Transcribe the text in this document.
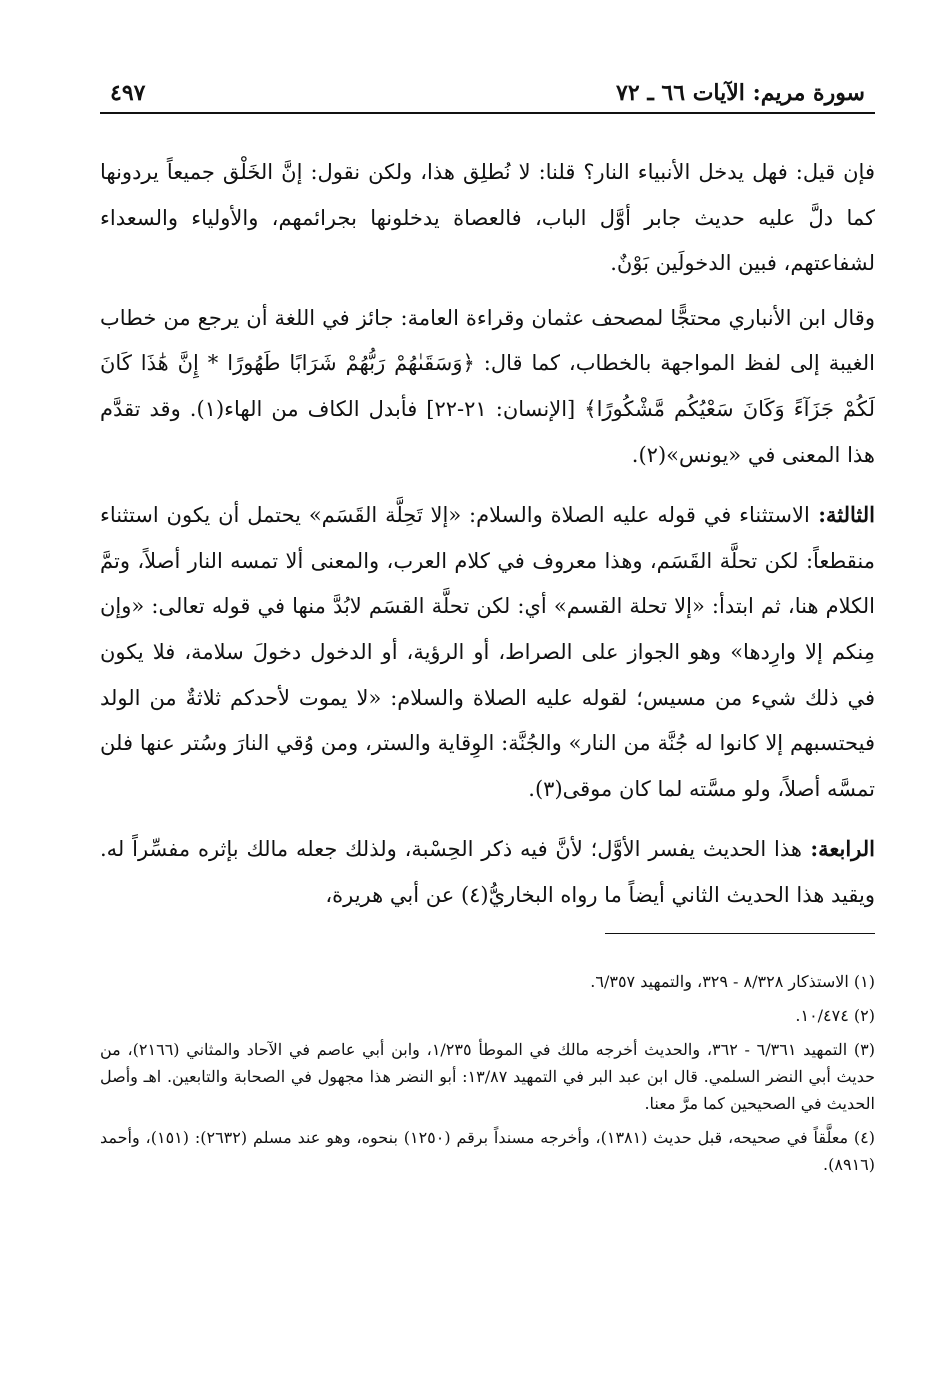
سورة مريم: الآيات ٦٦ ـ ٧٢
٤٩٧

فإن قيل: فهل يدخل الأنبياء النار؟ قلنا: لا نُطلِق هذا، ولكن نقول: إنَّ الخَلْق جميعاً يردونها كما دلَّ عليه حديث جابر أوَّل الباب، فالعصاة يدخلونها بجرائمهم، والأولياء والسعداء لشفاعتهم، فبين الدخولَين بَوْنٌ.

وقال ابن الأنباري محتجًّا لمصحف عثمان وقراءة العامة: جائز في اللغة أن يرجع من خطاب الغيبة إلى لفظ المواجهة بالخطاب، كما قال: ﴿وَسَقَىٰهُمْ رَبُّهُمْ شَرَابًا طَهُورًا * إِنَّ هَٰذَا كَانَ لَكُمْ جَزَآءً وَكَانَ سَعْيُكُم مَّشْكُورًا﴾ [الإنسان: ٢١-٢٢] فأبدل الكاف من الهاء(١). وقد تقدَّم هذا المعنى في «يونس»(٢).

الثالثة: الاستثناء في قوله عليه الصلاة والسلام: «إلا تَحِلَّة القَسَم» يحتمل أن يكون استثناء منقطعاً: لكن تحلَّة القَسَم، وهذا معروف في كلام العرب، والمعنى ألا تمسه النار أصلاً، وتمَّ الكلام هنا، ثم ابتدأ: «إلا تحلة القسم» أي: لكن تحلَّة القسَم لابُدَّ منها في قوله تعالى: «وإن مِنكم إلا وارِدها» وهو الجواز على الصراط، أو الرؤية، أو الدخول دخولَ سلامة، فلا يكون في ذلك شيء من مسيس؛ لقوله عليه الصلاة والسلام: «لا يموت لأحدكم ثلاثةٌ من الولد فيحتسبهم إلا كانوا له جُنَّة من النار» والجُنَّة: الوِقاية والستر، ومن وُقي النارَ وسُتر عنها فلن تمسَّه أصلاً، ولو مسَّته لما كان موقى(٣).

الرابعة: هذا الحديث يفسر الأوَّل؛ لأنَّ فيه ذكر الحِسْبة، ولذلك جعله مالك بإثره مفسِّراً له. ويقيد هذا الحديث الثاني أيضاً ما رواه البخاريُّ(٤) عن أبي هريرة،

(١) الاستذكار ٨/٣٢٨ - ٣٢٩، والتمهيد ٦/٣٥٧.

(٢) ١٠/٤٧٤.

(٣) التمهيد ٦/٣٦١ - ٣٦٢، والحديث أخرجه مالك في الموطأ ١/٢٣٥، وابن أبي عاصم في الآحاد والمثاني (٢١٦٦)، من حديث أبي النضر السلمي. قال ابن عبد البر في التمهيد ١٣/٨٧: أبو النضر هذا مجهول في الصحابة والتابعين. اهـ وأصل الحديث في الصحيحين كما مرَّ معنا.

(٤) معلَّقاً في صحيحه، قبل حديث (١٣٨١)، وأخرجه مسنداً برقم (١٢٥٠) بنحوه، وهو عند مسلم (٢٦٣٢): (١٥١)، وأحمد (٨٩١٦).
